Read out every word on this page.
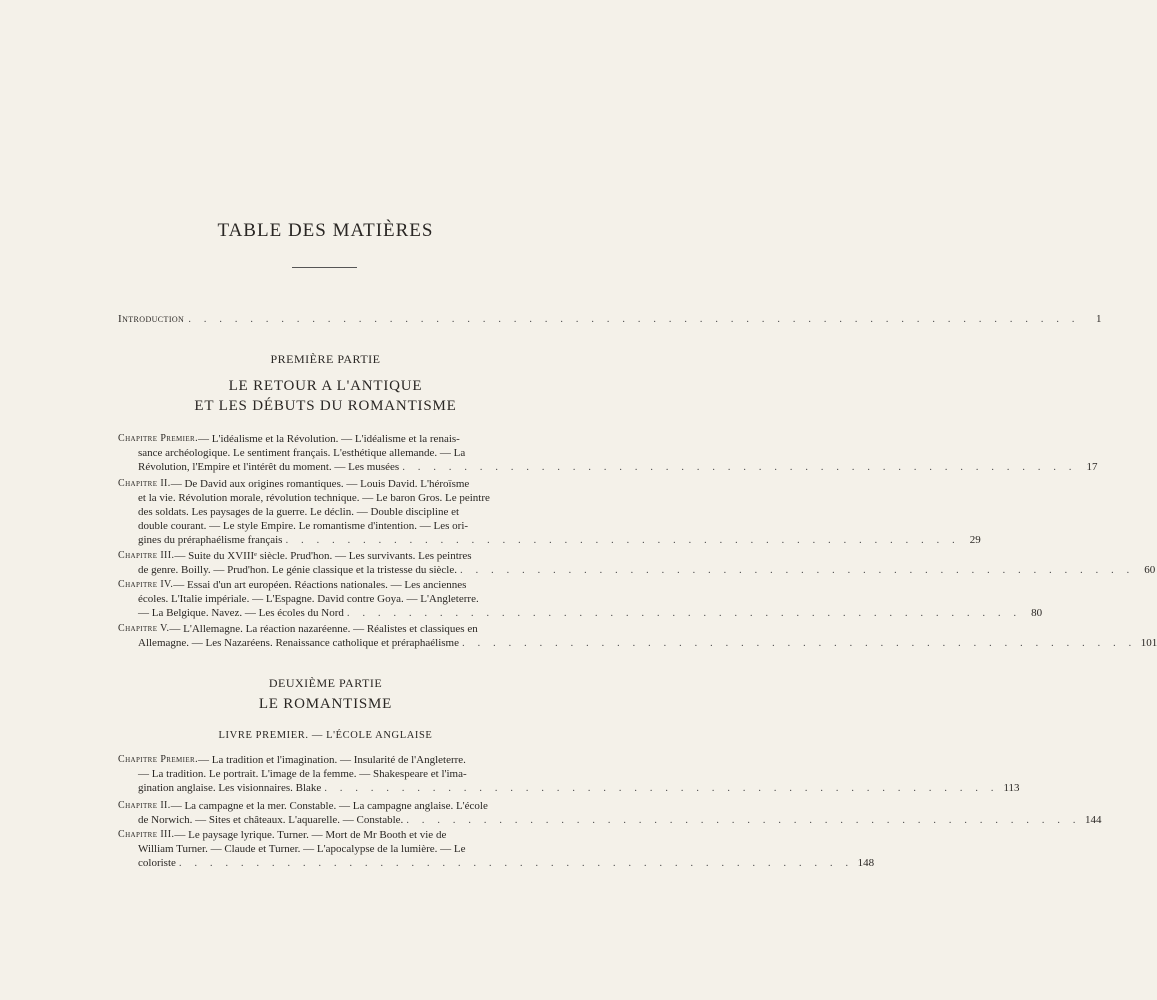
TABLE DES MATIÈRES
Introduction . . . . . . . . . . . . . . . . . . . . . . . . . . . . . . . . . . . . . . . . . . . . . . . . . . . . . . . . . .	1
PREMIÈRE PARTIE
LE RETOUR A L'ANTIQUE
ET LES DÉBUTS DU ROMANTISME
Chapitre Premier. — L'idéalisme et la Révolution. — L'idéalisme et la renais-
sance archéologique. Le sentiment français. L'esthétique allemande. — La
Révolution, l'Empire et l'intérêt du moment. — Les musées . . . . . . . . . . . . . . . . . . . . . . . . . . . . . . . . . . . . . . . . . . . . 17
Chapitre II. — De David aux origines romantiques. — Louis David. L'héroïsme
et la vie. Révolution morale, révolution technique. — Le baron Gros. Le peintre
des soldats. Les paysages de la guerre. Le déclin. — Double discipline et
double courant. — Le style Empire. Le romantisme d'intention. — Les ori-
gines du préraphaélisme français . . . . . . . . . . . . . . . . . . . . . . . . . . . . . . . . . . . . . . . . . . . . 29
Chapitre III. — Suite du XVIIIᵉ siècle. Prud'hon. — Les survivants. Les peintres
de genre. Boilly. — Prud'hon. Le génie classique et la tristesse du siècle. . . . . . . . . . . . . . . . . . . . . . . . . . . . . . . . . . . . . . . . . . . . . 60
Chapitre IV. — Essai d'un art européen. Réactions nationales. — Les anciennes
écoles. L'Italie impériale. — L'Espagne. David contre Goya. — L'Angleterre.
— La Belgique. Navez. — Les écoles du Nord . . . . . . . . . . . . . . . . . . . . . . . . . . . . . . . . . . . . . . . . . . . . 80
Chapitre V. — L'Allemagne. La réaction nazaréenne. — Réalistes et classiques en
Allemagne. — Les Nazaréens. Renaissance catholique et préraphaélisme . . . . . . . . . . . . . . . . . . . . . . . . . . . . . . . . . . . . . . . . . . . . 101
DEUXIÈME PARTIE
LE ROMANTISME
LIVRE PREMIER. — L'ÉCOLE ANGLAISE
Chapitre Premier. — La tradition et l'imagination. — Insularité de l'Angleterre.
— La tradition. Le portrait. L'image de la femme. — Shakespeare et l'ima-
gination anglaise. Les visionnaires. Blake . . . . . . . . . . . . . . . . . . . . . . . . . . . . . . . . . . . . . . . . . . . . 113
Chapitre II. — La campagne et la mer. Constable. — La campagne anglaise. L'école
de Norwich. — Sites et châteaux. L'aquarelle. — Constable. . . . . . . . . . . . . . . . . . . . . . . . . . . . . . . . . . . . . . . . . . . . . 144
Chapitre III. — Le paysage lyrique. Turner. — Mort de Mr Booth et vie de
William Turner. — Claude et Turner. — L'apocalypse de la lumière. — Le
coloriste . . . . . . . . . . . . . . . . . . . . . . . . . . . . . . . . . . . . . . . . . . . . 148
